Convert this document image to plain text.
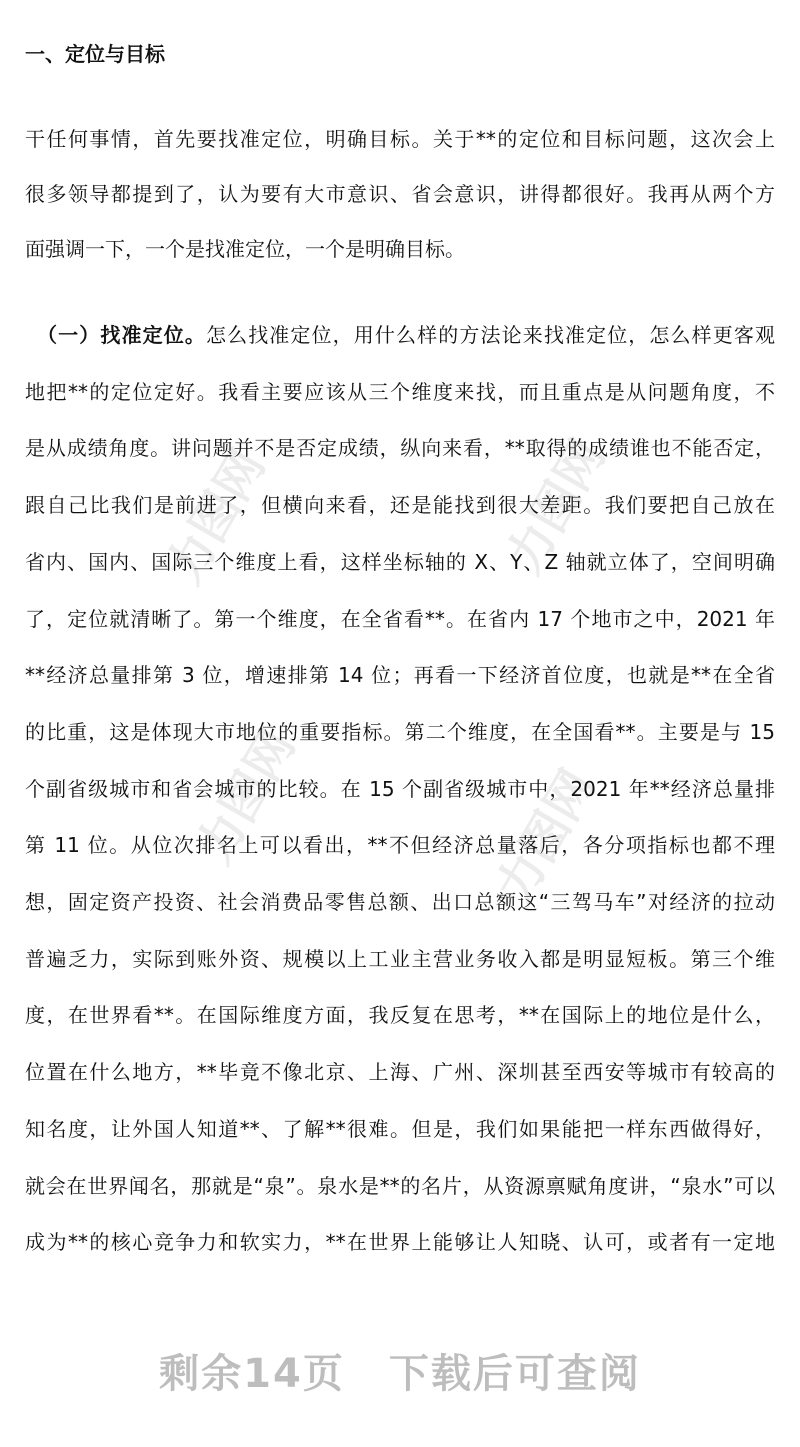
力图网	力图网
力图网	力图网
一、定位与目标
干任何事情，首先要找准定位，明确目标。关于**的定位和目标问题，这次会上
很多领导都提到了，认为要有大市意识、省会意识，讲得都很好。我再从两个方
面强调一下，一个是找准定位，一个是明确目标。
（一）找准定位。怎么找准定位，用什么样的方法论来找准定位，怎么样更客观
地把**的定位定好。我看主要应该从三个维度来找，而且重点是从问题角度，不
是从成绩角度。讲问题并不是否定成绩，纵向来看，**取得的成绩谁也不能否定，
跟自己比我们是前进了，但横向来看，还是能找到很大差距。我们要把自己放在
省内、国内、国际三个维度上看，这样坐标轴的 X、Y、Z 轴就立体了，空间明确
了，定位就清晰了。第一个维度，在全省看**。在省内 17 个地市之中，2021 年
**经济总量排第 3 位，增速排第 14 位；再看一下经济首位度，也就是**在全省
的比重，这是体现大市地位的重要指标。第二个维度，在全国看**。主要是与 15
个副省级城市和省会城市的比较。在 15 个副省级城市中，2021 年**经济总量排
第 11 位。从位次排名上可以看出，**不但经济总量落后，各分项指标也都不理
想，固定资产投资、社会消费品零售总额、出口总额这“三驾马车”对经济的拉动
普遍乏力，实际到账外资、规模以上工业主营业务收入都是明显短板。第三个维
度，在世界看**。在国际维度方面，我反复在思考，**在国际上的地位是什么，
位置在什么地方，**毕竟不像北京、上海、广州、深圳甚至西安等城市有较高的
知名度，让外国人知道**、了解**很难。但是，我们如果能把一样东西做得好，
就会在世界闻名，那就是“泉”。泉水是**的名片，从资源禀赋角度讲，“泉水”可以
成为**的核心竞争力和软实力，**在世界上能够让人知晓、认可，或者有一定地
剩余14页 下载后可查阅
